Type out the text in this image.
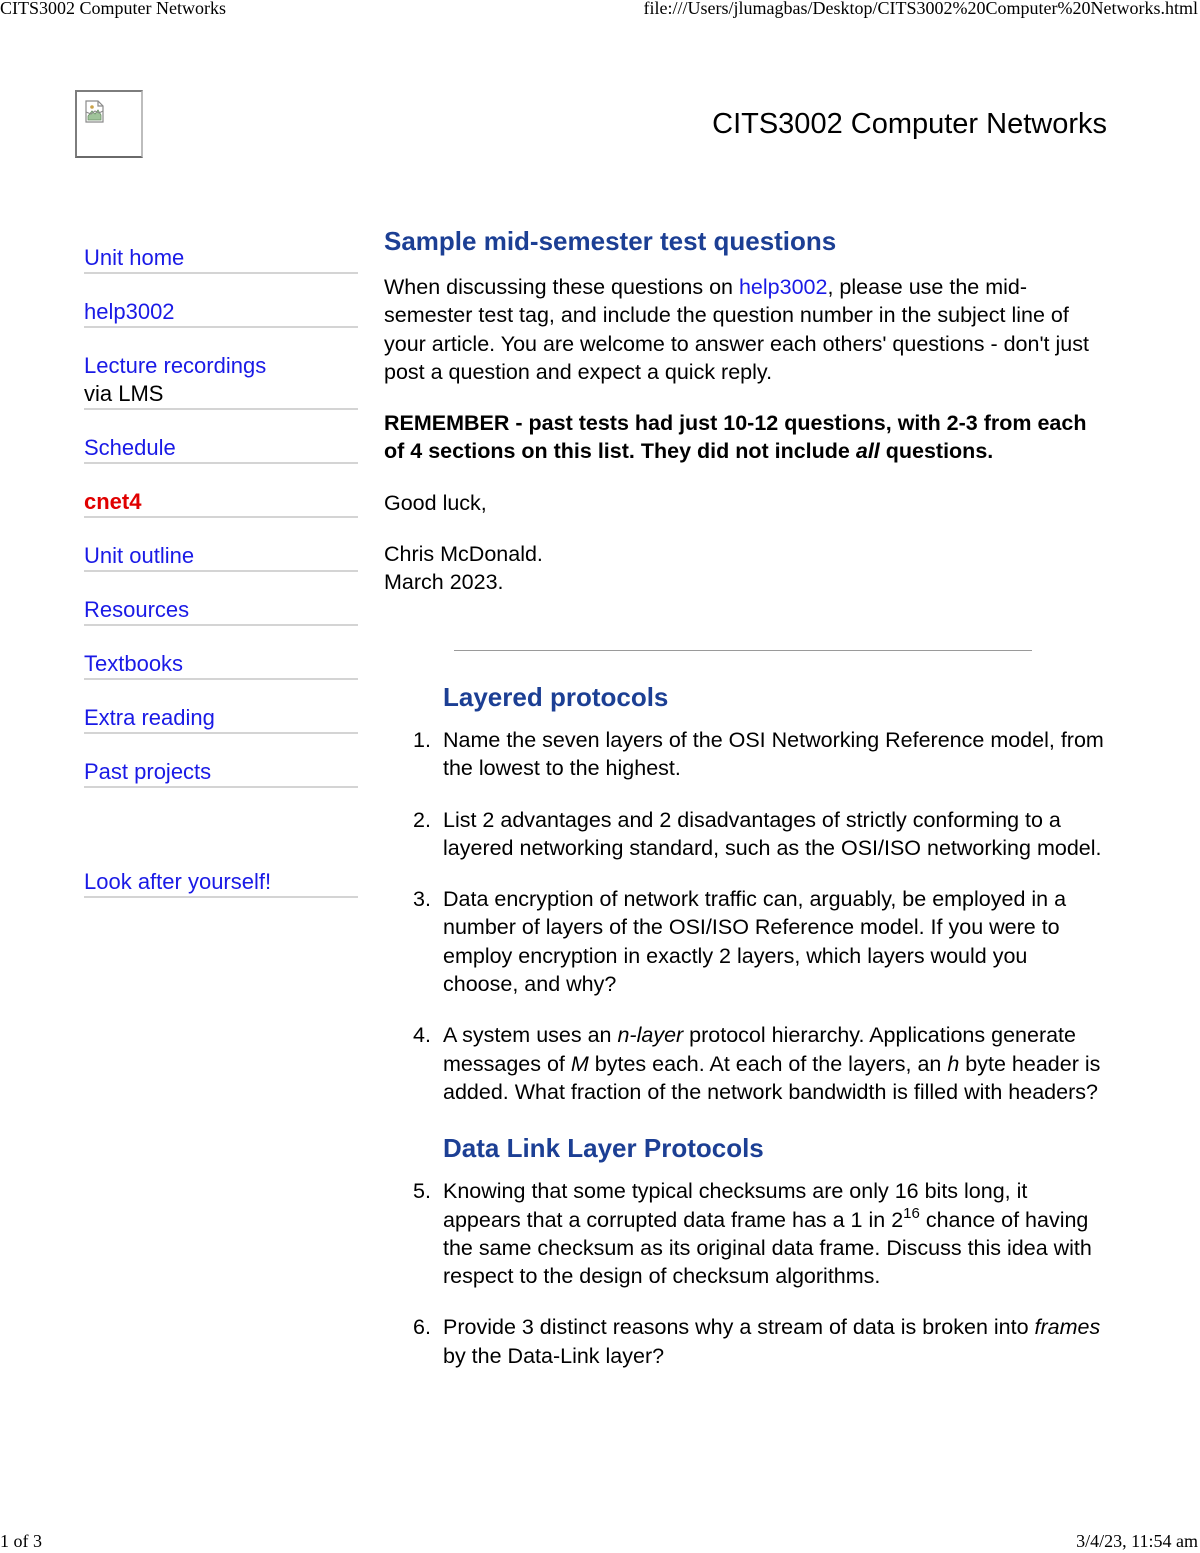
CITS3002 Computer Networks	file:///Users/jlumagbas/Desktop/CITS3002%20Computer%20Networks.html
CITS3002 Computer Networks
Unit home
help3002
Lecture recordings
via LMS
Schedule
cnet4
Unit outline
Resources
Textbooks
Extra reading
Past projects
Look after yourself!
Sample mid-semester test questions

When discussing these questions on help3002, please use the mid-semester test tag, and include the question number in the subject line of your article. You are welcome to answer each others' questions - don't just post a question and expect a quick reply.

REMEMBER - past tests had just 10-12 questions, with 2-3 from each of 4 sections on this list. They did not include all questions.

Good luck,

Chris McDonald.
March 2023.

Layered protocols
1. Name the seven layers of the OSI Networking Reference model, from the lowest to the highest.
2. List 2 advantages and 2 disadvantages of strictly conforming to a layered networking standard, such as the OSI/ISO networking model.
3. Data encryption of network traffic can, arguably, be employed in a number of layers of the OSI/ISO Reference model. If you were to employ encryption in exactly 2 layers, which layers would you choose, and why?
4. A system uses an n-layer protocol hierarchy. Applications generate messages of M bytes each. At each of the layers, an h byte header is added. What fraction of the network bandwidth is filled with headers?
Data Link Layer Protocols
5. Knowing that some typical checksums are only 16 bits long, it appears that a corrupted data frame has a 1 in $2^{16}$ chance of having the same checksum as its original data frame. Discuss this idea with respect to the design of checksum algorithms.
6. Provide 3 distinct reasons why a stream of data is broken into frames by the Data-Link layer?
1 of 3	3/4/23, 11:54 am
